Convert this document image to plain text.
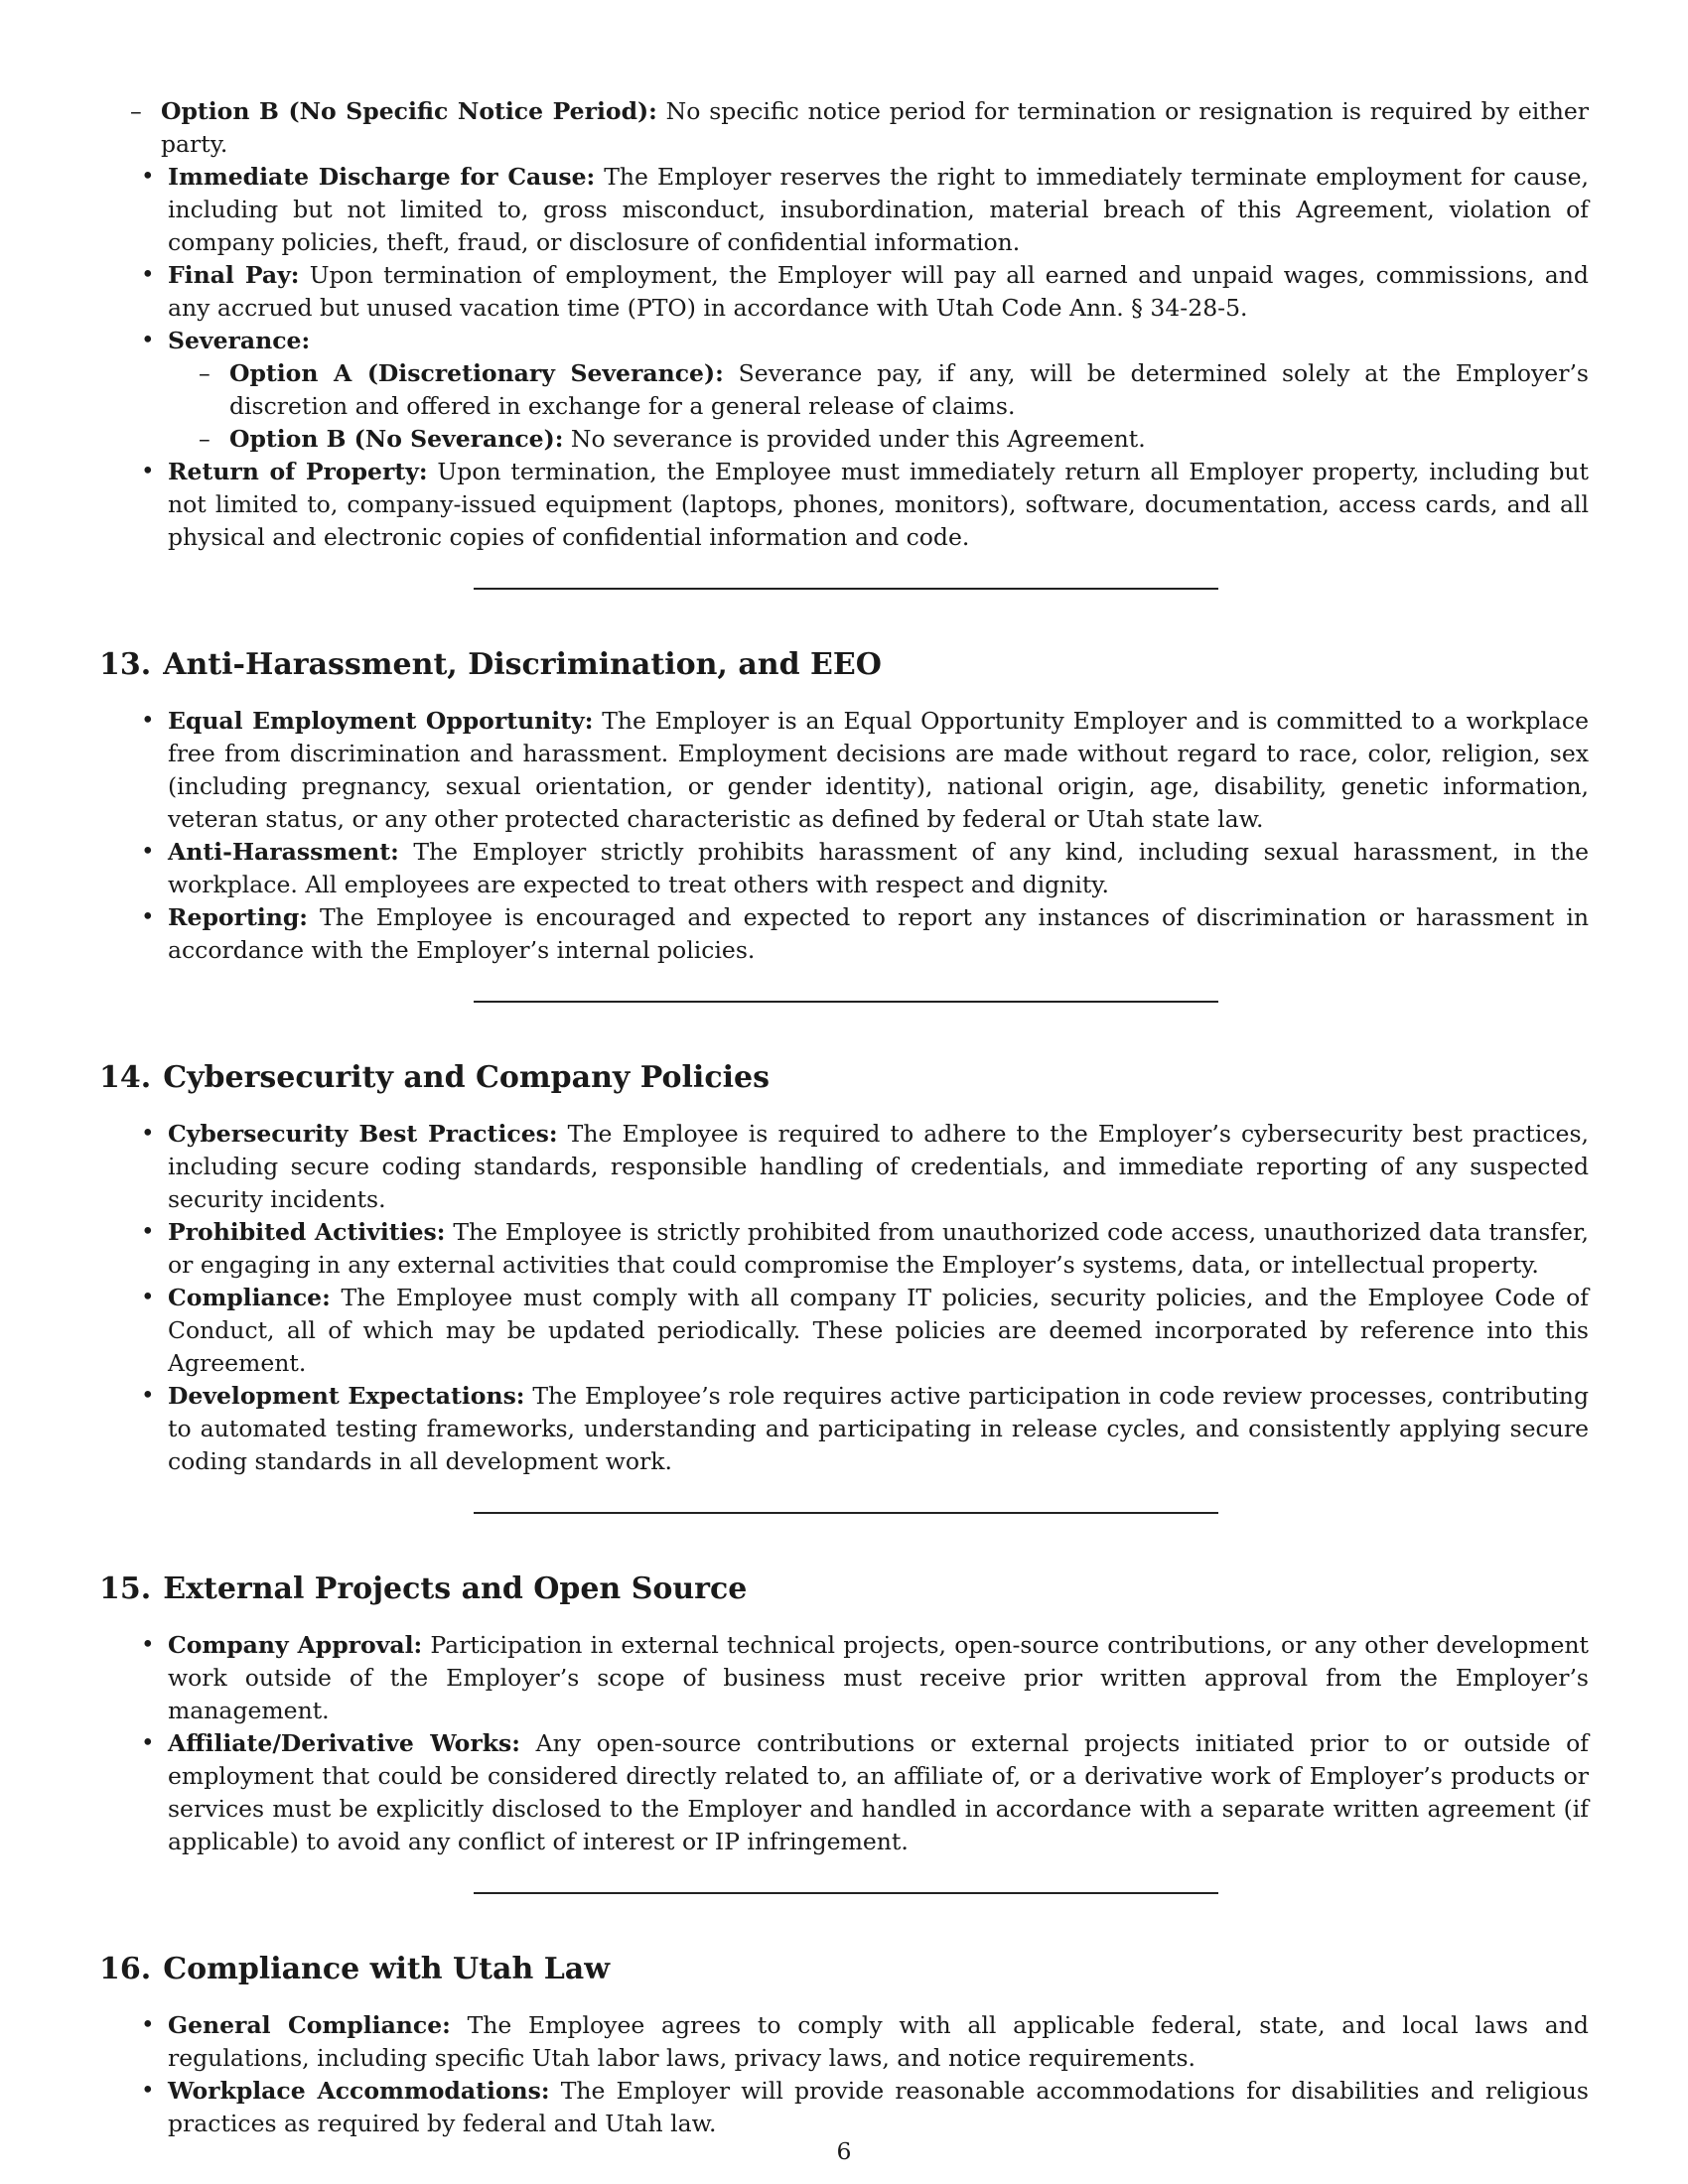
– Option B (No Specific Notice Period): No specific notice period for termination or resignation is required by either party.
• Immediate Discharge for Cause: The Employer reserves the right to immediately terminate employment for cause, including but not limited to, gross misconduct, insubordination, material breach of this Agreement, violation of company policies, theft, fraud, or disclosure of confidential information.
• Final Pay: Upon termination of employment, the Employer will pay all earned and unpaid wages, commissions, and any accrued but unused vacation time (PTO) in accordance with Utah Code Ann. § 34-28-5.
• Severance:
– Option A (Discretionary Severance): Severance pay, if any, will be determined solely at the Employer’s discretion and offered in exchange for a general release of claims.
– Option B (No Severance): No severance is provided under this Agreement.
• Return of Property: Upon termination, the Employee must immediately return all Employer property, including but not limited to, company-issued equipment (laptops, phones, monitors), software, documentation, access cards, and all physical and electronic copies of confidential information and code.
13. Anti-Harassment, Discrimination, and EEO
• Equal Employment Opportunity: The Employer is an Equal Opportunity Employer and is committed to a workplace free from discrimination and harassment. Employment decisions are made without regard to race, color, religion, sex (including pregnancy, sexual orientation, or gender identity), national origin, age, disability, genetic information, veteran status, or any other protected characteristic as defined by federal or Utah state law.
• Anti-Harassment: The Employer strictly prohibits harassment of any kind, including sexual harassment, in the workplace. All employees are expected to treat others with respect and dignity.
• Reporting: The Employee is encouraged and expected to report any instances of discrimination or harassment in accordance with the Employer’s internal policies.
14. Cybersecurity and Company Policies
• Cybersecurity Best Practices: The Employee is required to adhere to the Employer’s cybersecurity best practices, including secure coding standards, responsible handling of credentials, and immediate reporting of any suspected security incidents.
• Prohibited Activities: The Employee is strictly prohibited from unauthorized code access, unauthorized data transfer, or engaging in any external activities that could compromise the Employer’s systems, data, or intellectual property.
• Compliance: The Employee must comply with all company IT policies, security policies, and the Employee Code of Conduct, all of which may be updated periodically. These policies are deemed incorporated by reference into this Agreement.
• Development Expectations: The Employee’s role requires active participation in code review processes, contributing to automated testing frameworks, understanding and participating in release cycles, and consistently applying secure coding standards in all development work.
15. External Projects and Open Source
• Company Approval: Participation in external technical projects, open-source contributions, or any other development work outside of the Employer’s scope of business must receive prior written approval from the Employer’s management.
• Affiliate/Derivative Works: Any open-source contributions or external projects initiated prior to or outside of employment that could be considered directly related to, an affiliate of, or a derivative work of Employer’s products or services must be explicitly disclosed to the Employer and handled in accordance with a separate written agreement (if applicable) to avoid any conflict of interest or IP infringement.
16. Compliance with Utah Law
• General Compliance: The Employee agrees to comply with all applicable federal, state, and local laws and regulations, including specific Utah labor laws, privacy laws, and notice requirements.
• Workplace Accommodations: The Employer will provide reasonable accommodations for disabilities and religious practices as required by federal and Utah law.
6
